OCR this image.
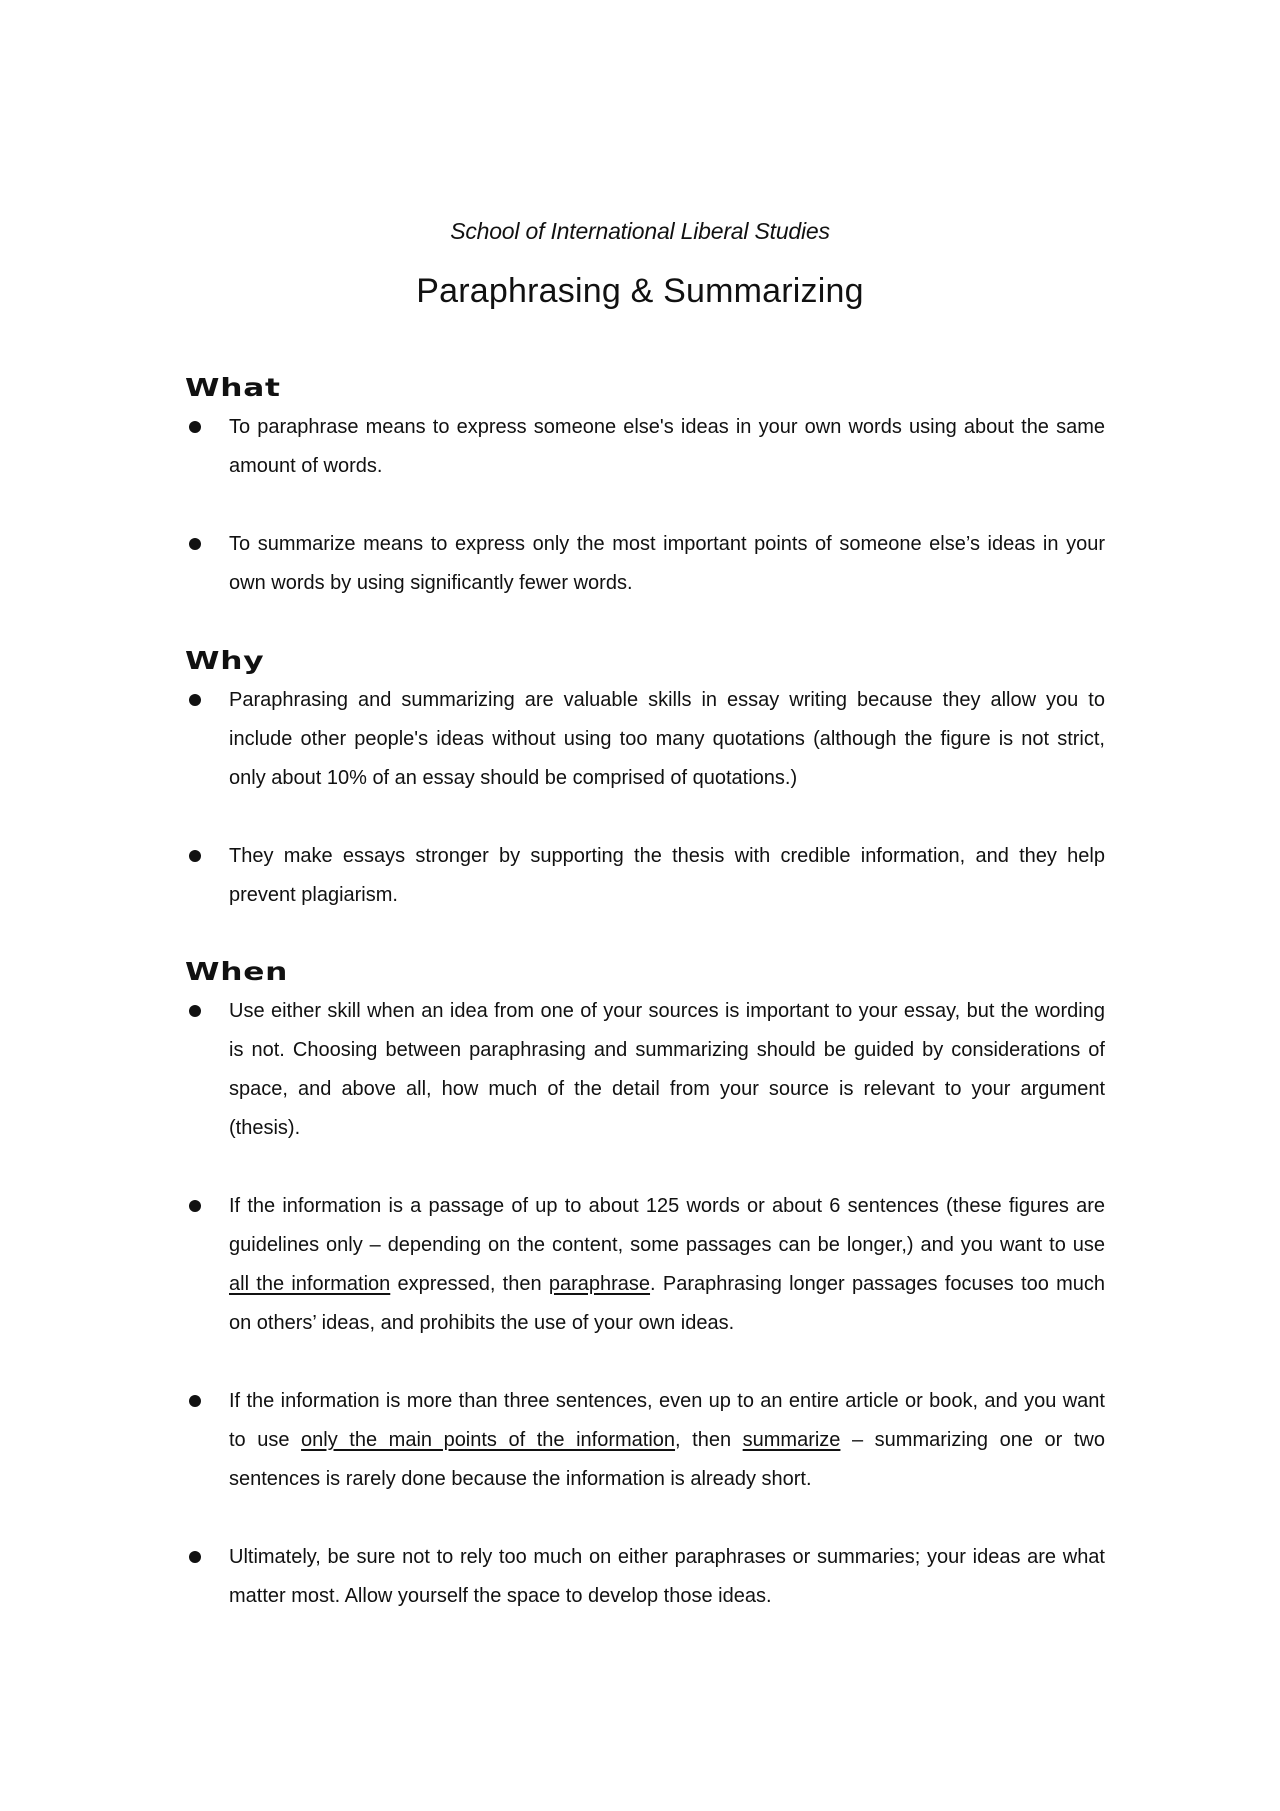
School of International Liberal Studies
Paraphrasing & Summarizing
What
To paraphrase means to express someone else's ideas in your own words using about the same amount of words.
To summarize means to express only the most important points of someone else’s ideas in your own words by using significantly fewer words.
Why
Paraphrasing and summarizing are valuable skills in essay writing because they allow you to include other people's ideas without using too many quotations (although the figure is not strict, only about 10% of an essay should be comprised of quotations.)
They make essays stronger by supporting the thesis with credible information, and they help prevent plagiarism.
When
Use either skill when an idea from one of your sources is important to your essay, but the wording is not. Choosing between paraphrasing and summarizing should be guided by considerations of space, and above all, how much of the detail from your source is relevant to your argument (thesis).
If the information is a passage of up to about 125 words or about 6 sentences (these figures are guidelines only – depending on the content, some passages can be longer,) and you want to use all the information expressed, then paraphrase. Paraphrasing longer passages focuses too much on others’ ideas, and prohibits the use of your own ideas.
If the information is more than three sentences, even up to an entire article or book, and you want to use only the main points of the information, then summarize – summarizing one or two sentences is rarely done because the information is already short.
Ultimately, be sure not to rely too much on either paraphrases or summaries; your ideas are what matter most. Allow yourself the space to develop those ideas.
